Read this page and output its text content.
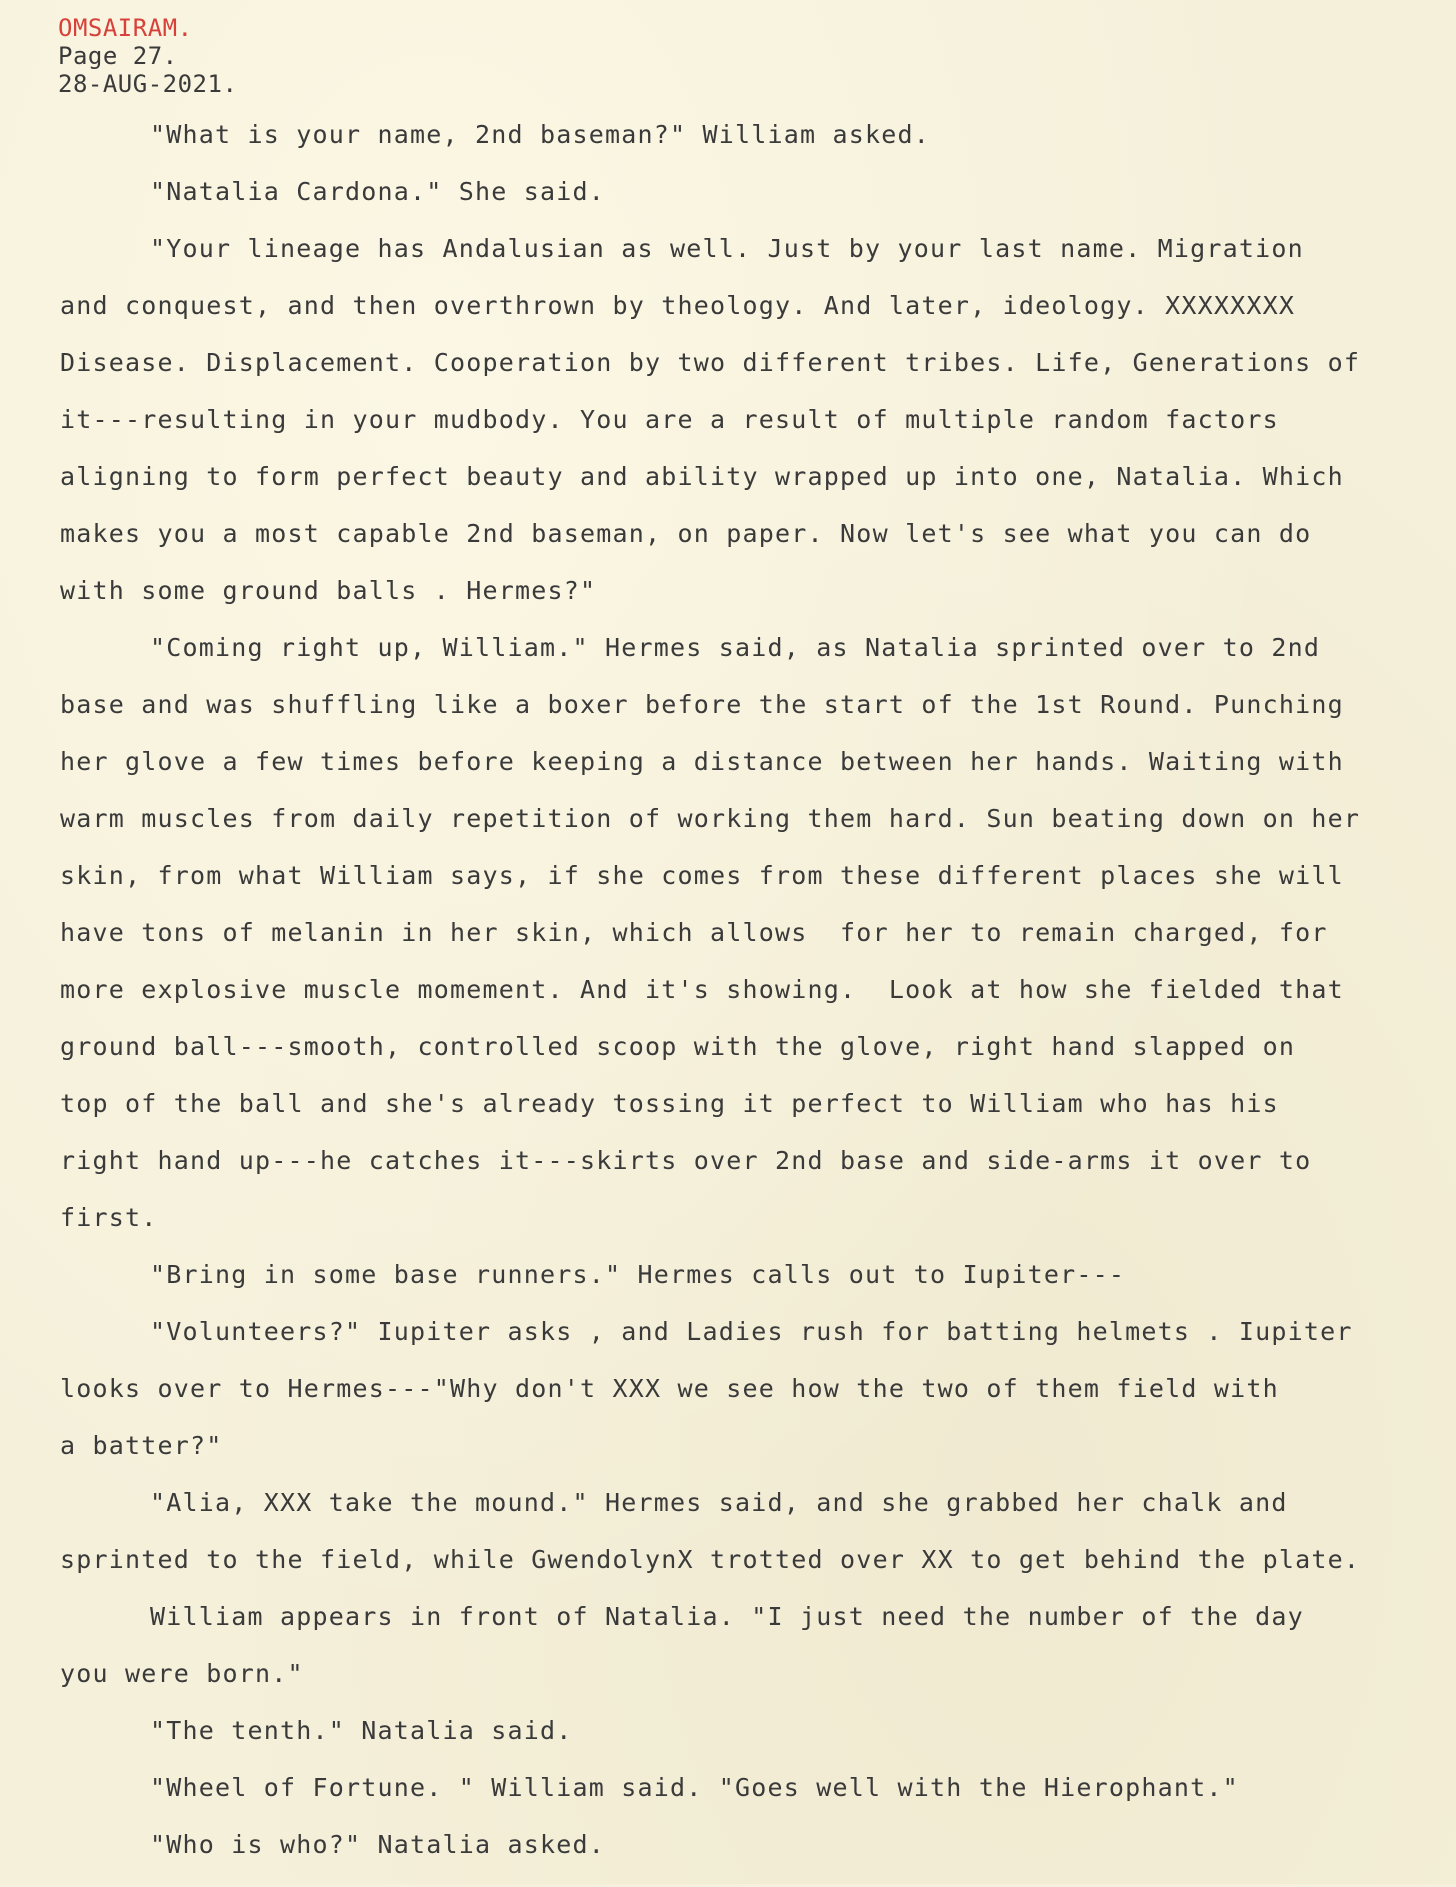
OMSAIRAM.
Page 27.
28-AUG-2021.
"What is your name, 2nd baseman?" William asked.
"Natalia Cardona." She said.
"Your lineage has Andalusian as well. Just by your last name. Migration
and conquest, and then overthrown by theology. And later, ideology. XXXXXXXX
Disease. Displacement. Cooperation by two different tribes. Life, Generations of
it---resulting in your mudbody. You are a result of multiple random factors
aligning to form perfect beauty and ability wrapped up into one, Natalia. Which
makes you a most capable 2nd baseman, on paper. Now let's see what you can do
with some ground balls . Hermes?"
"Coming right up, William." Hermes said, as Natalia sprinted over to 2nd
base and was shuffling like a boxer before the start of the 1st Round. Punching
her glove a few times before keeping a distance between her hands. Waiting with
warm muscles from daily repetition of working them hard. Sun beating down on her
skin, from what William says, if she comes from these different places she will
have tons of melanin in her skin, which allows  for her to remain charged, for
more explosive muscle momement. And it's showing.  Look at how she fielded that
ground ball---smooth, controlled scoop with the glove, right hand slapped on
top of the ball and she's already tossing it perfect to William who has his
right hand up---he catches it---skirts over 2nd base and side-arms it over to
first.
"Bring in some base runners." Hermes calls out to Iupiter---
"Volunteers?" Iupiter asks , and Ladies rush for batting helmets . Iupiter
looks over to Hermes---"Why don't XXX we see how the two of them field with
a batter?"
"Alia, XXX take the mound." Hermes said, and she grabbed her chalk and
sprinted to the field, while GwendolynX trotted over XX to get behind the plate.
William appears in front of Natalia. "I just need the number of the day
you were born."
"The tenth." Natalia said.
"Wheel of Fortune. " William said. "Goes well with the Hierophant."
"Who is who?" Natalia asked.
